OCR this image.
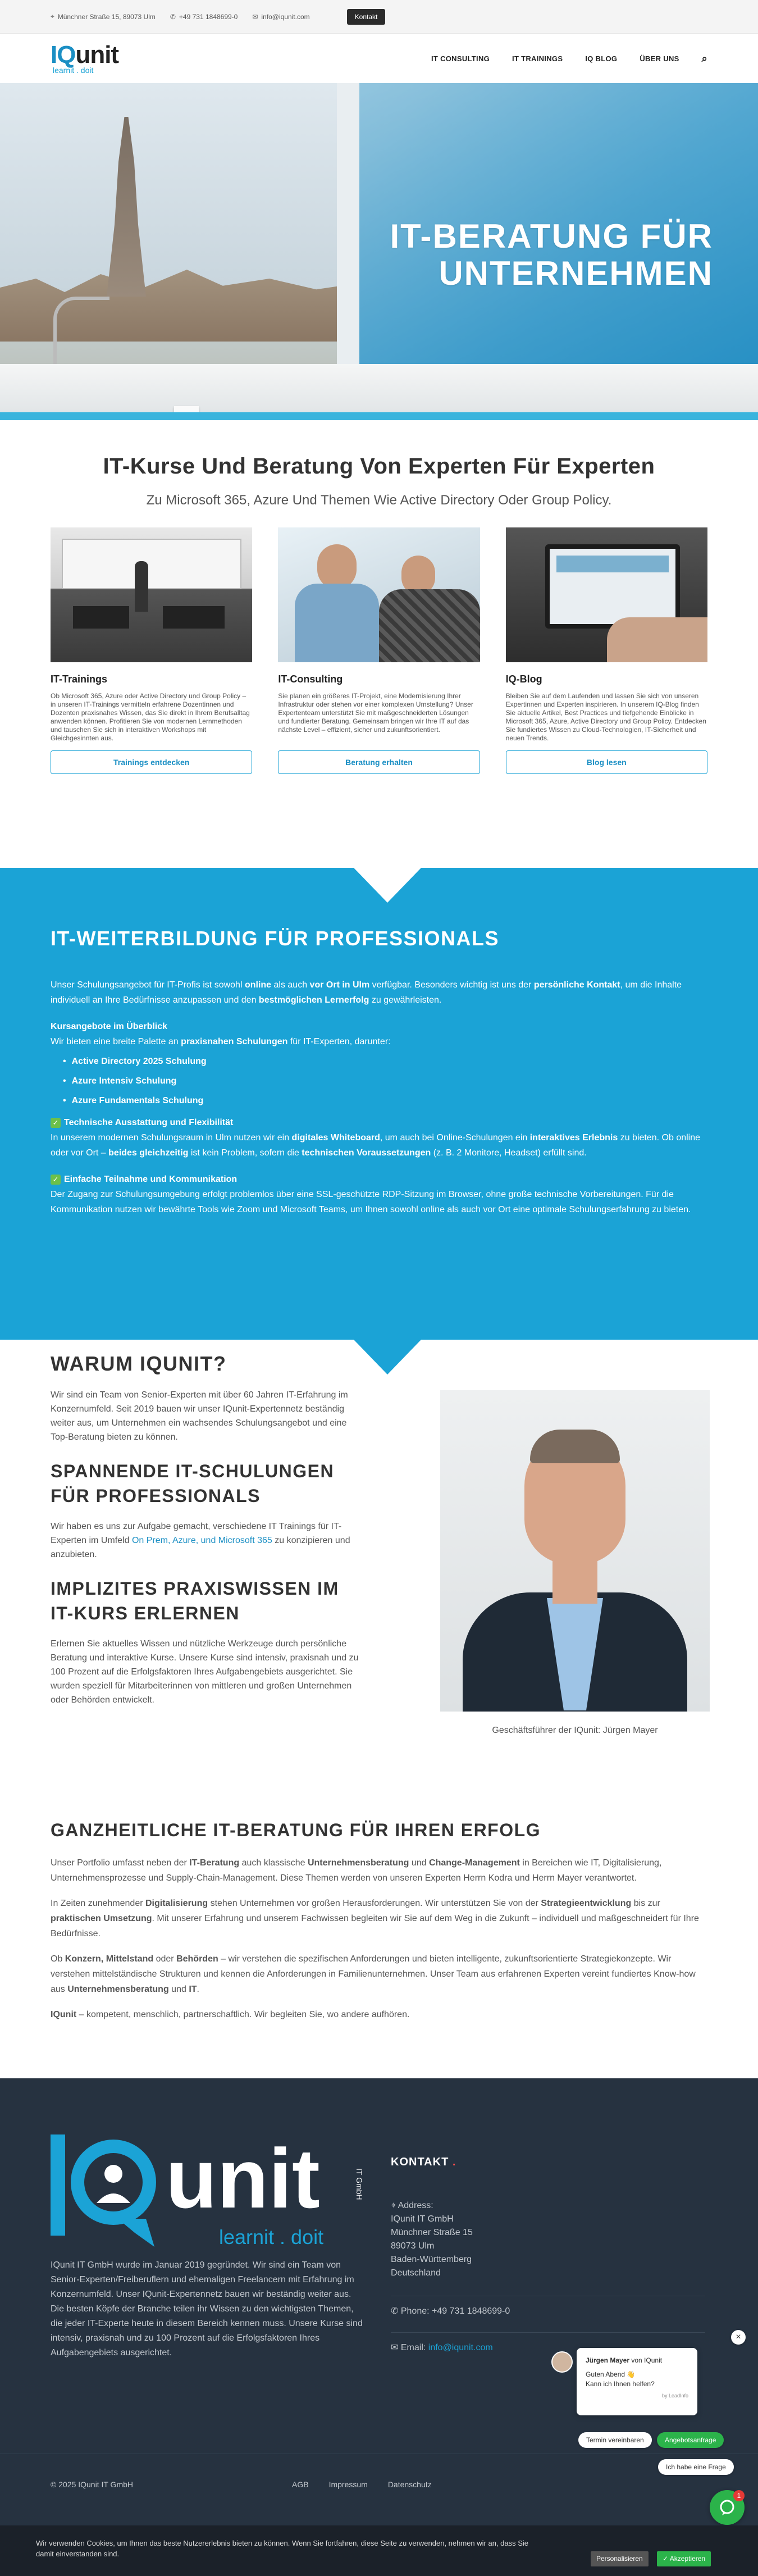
⌖ Münchner Straße 15, 89073 Ulm ✆ +49 731 1848699-0 ✉ info@iqunit.com	Kontakt
IQunit
learnit . doit
IT CONSULTING	IT TRAININGS	IQ BLOG	ÜBER UNS ⌕
IT-BERATUNG FÜR
UNTERNEHMEN
IT-Kurse Und Beratung Von Experten Für Experten
Zu Microsoft 365, Azure Und Themen Wie Active Directory Oder Group Policy.
IT-Trainings

Ob Microsoft 365, Azure oder Active Directory und Group Policy – in unseren IT-Trainings vermitteln erfahrene Dozentinnen und Dozenten praxisnahes Wissen, das Sie direkt in Ihrem Berufsalltag anwenden können. Profitieren Sie von modernen Lernmethoden und tauschen Sie sich in interaktiven Workshops mit Gleichgesinnten aus.

Trainings entdecken
IT-Consulting

Sie planen ein größeres IT-Projekt, eine Modernisierung Ihrer Infrastruktur oder stehen vor einer komplexen Umstellung? Unser Expertenteam unterstützt Sie mit maßgeschneiderten Lösungen und fundierter Beratung. Gemeinsam bringen wir Ihre IT auf das nächste Level – effizient, sicher und zukunftsorientiert.

Beratung erhalten
IQ-Blog

Bleiben Sie auf dem Laufenden und lassen Sie sich von unseren Expertinnen und Experten inspirieren. In unserem IQ-Blog finden Sie aktuelle Artikel, Best Practices und tiefgehende Einblicke in Microsoft 365, Azure, Active Directory und Group Policy. Entdecken Sie fundiertes Wissen zu Cloud-Technologien, IT-Sicherheit und neuen Trends.

Blog lesen
IT-WEITERBILDUNG FÜR PROFESSIONALS

Unser Schulungsangebot für IT-Profis ist sowohl online als auch vor Ort in Ulm verfügbar. Besonders wichtig ist uns der persönliche Kontakt, um die Inhalte individuell an Ihre Bedürfnisse anzupassen und den bestmöglichen Lernerfolg zu gewährleisten.

Kursangebote im Überblick
Wir bieten eine breite Palette an praxisnahen Schulungen für IT-Experten, darunter:

• Active Directory 2025 Schulung
• Azure Intensiv Schulung
• Azure Fundamentals Schulung

✓ Technische Ausstattung und Flexibilität
In unserem modernen Schulungsraum in Ulm nutzen wir ein digitales Whiteboard, um auch bei Online-Schulungen ein interaktives Erlebnis zu bieten. Ob online oder vor Ort – beides gleichzeitig ist kein Problem, sofern die technischen Voraussetzungen (z. B. 2 Monitore, Headset) erfüllt sind.

✓ Einfache Teilnahme und Kommunikation
Der Zugang zur Schulungsumgebung erfolgt problemlos über eine SSL-geschützte RDP-Sitzung im Browser, ohne große technische Vorbereitungen. Für die Kommunikation nutzen wir bewährte Tools wie Zoom und Microsoft Teams, um Ihnen sowohl online als auch vor Ort eine optimale Schulungserfahrung zu bieten.

WARUM IQUNIT?

Wir sind ein Team von Senior-Experten mit über 60 Jahren IT-Erfahrung im Konzernumfeld. Seit 2019 bauen wir unser IQunit-Expertennetz beständig weiter aus, um Unternehmen ein wachsendes Schulungsangebot und eine Top-Beratung bieten zu können.

SPANNENDE IT-SCHULUNGEN FÜR PROFESSIONALS

Wir haben es uns zur Aufgabe gemacht, verschiedene IT Trainings für IT-Experten im Umfeld On Prem, Azure, und Microsoft 365 zu konzipieren und anzubieten.

IMPLIZITES PRAXISWISSEN IM IT-KURS ERLERNEN

Erlernen Sie aktuelles Wissen und nützliche Werkzeuge durch persönliche Beratung und interaktive Kurse. Unsere Kurse sind intensiv, praxisnah und zu 100 Prozent auf die Erfolgsfaktoren Ihres Aufgabengebiets ausgerichtet. Sie wurden speziell für Mitarbeiterinnen von mittleren und großen Unternehmen oder Behörden entwickelt.

Geschäftsführer der IQunit: Jürgen Mayer
GANZHEITLICHE IT-BERATUNG FÜR IHREN ERFOLG

Unser Portfolio umfasst neben der IT-Beratung auch klassische Unternehmensberatung und Change-Management in Bereichen wie IT, Digitalisierung, Unternehmensprozesse und Supply-Chain-Management. Diese Themen werden von unseren Experten Herrn Kodra und Herrn Mayer verantwortet.

In Zeiten zunehmender Digitalisierung stehen Unternehmen vor großen Herausforderungen. Wir unterstützen Sie von der Strategieentwicklung bis zur praktischen Umsetzung. Mit unserer Erfahrung und unserem Fachwissen begleiten wir Sie auf dem Weg in die Zukunft – individuell und maßgeschneidert für Ihre Bedürfnisse.

Ob Konzern, Mittelstand oder Behörden – wir verstehen die spezifischen Anforderungen und bieten intelligente, zukunftsorientierte Strategiekonzepte. Wir verstehen mittelständische Strukturen und kennen die Anforderungen in Familienunternehmen. Unser Team aus erfahrenen Experten vereint fundiertes Know-how aus Unternehmensberatung und IT.

IQunit – kompetent, menschlich, partnerschaftlich. Wir begleiten Sie, wo andere aufhören.

unit
learnit . doit
IT GmbH

IQunit IT GmbH wurde im Januar 2019 gegründet. Wir sind ein Team von Senior-Experten/Freiberuflern und ehemaligen Freelancern mit Erfahrung im Konzernumfeld. Unser IQunit-Expertennetz bauen wir beständig weiter aus. Die besten Köpfe der Branche teilen ihr Wissen zu den wichtigsten Themen, die jeder IT-Experte heute in diesem Bereich kennen muss. Unsere Kurse sind intensiv, praxisnah und zu 100 Prozent auf die Erfolgsfaktoren Ihres Aufgabengebiets ausgerichtet.

KONTAKT .
⌖ Address:
IQunit IT GmbH
Münchner Straße 15
89073 Ulm
Baden-Württemberg
Deutschland
✆ Phone: +49 731 1848699-0
✉ Email: info@iqunit.com
© 2025 IQunit IT GmbH	AGB	Impressum	Datenschutz
×
Jürgen Mayer von IQunit
Guten Abend 👋
Kann ich Ihnen helfen?
by LeadInfo
Termin vereinbaren	Angebotsanfrage
Ich habe eine Frage
1
Wir verwenden Cookies, um Ihnen das beste Nutzererlebnis bieten zu können. Wenn Sie fortfahren, diese Seite zu verwenden, nehmen wir an, dass Sie damit einverstanden sind.
Personalisieren	✓ Akzeptieren
